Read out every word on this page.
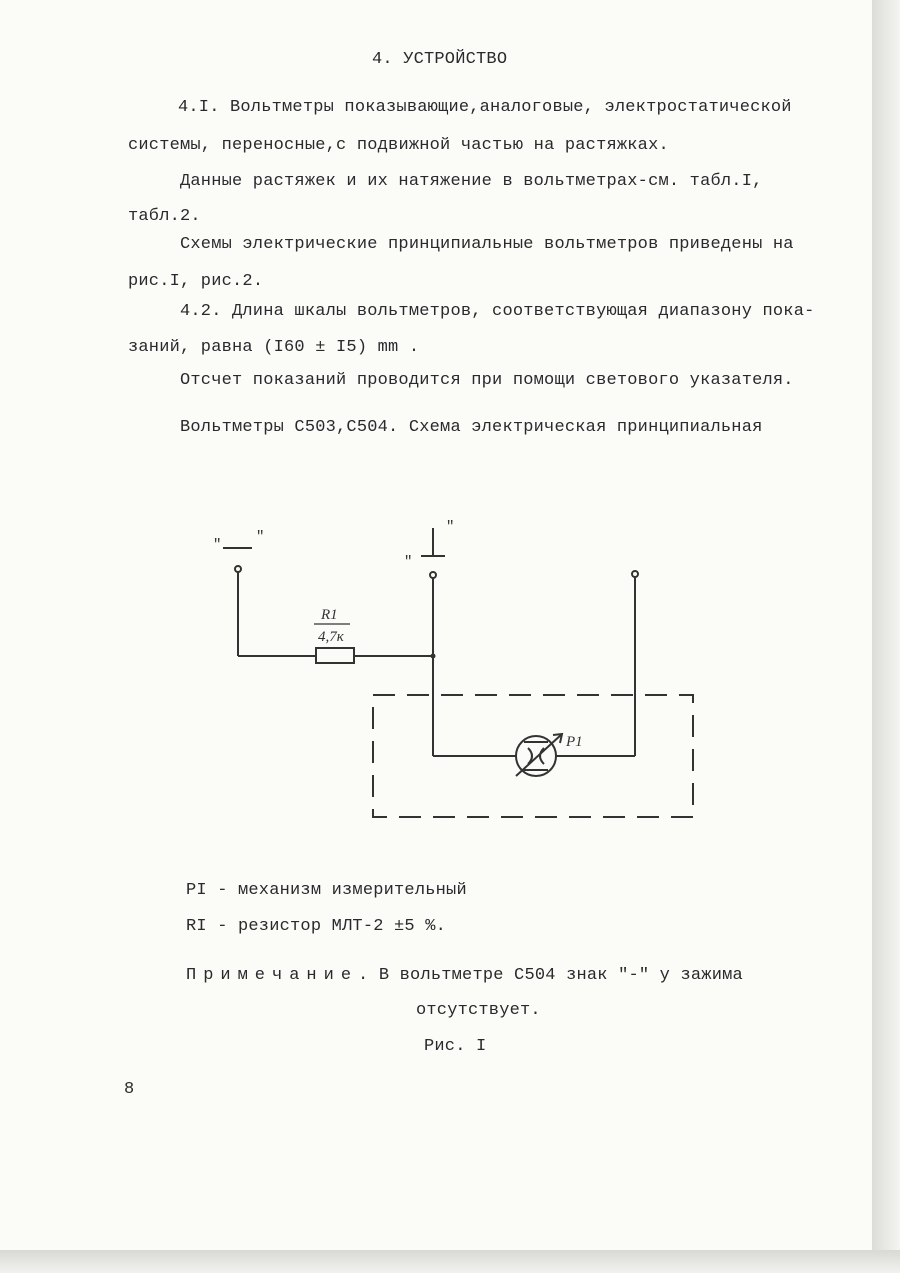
4. УСТРОЙСТВО
4.I. Вольтметры показывающие,аналоговые, электростатической
системы, переносные,с подвижной частью на растяжках.
Данные растяжек и их натяжение в вольтметрах-см. табл.I,
табл.2.
Схемы электрические принципиальные вольтметров приведены на
рис.I, рис.2.
4.2. Длина шкалы вольтметров, соответствующая диапазону пока-
заний, равна (I60 ± I5) mm .
Отсчет показаний проводится при помощи светового указателя.
Вольтметры С503,С504. Схема электрическая принципиальная
R1
4,7к
P1
" "
"
"
PI - механизм измерительный
RI - резистор МЛТ-2 ±5 %.
Примечание. В вольтметре С504 знак "-" у зажима
отсутствует.
Рис. I
8
